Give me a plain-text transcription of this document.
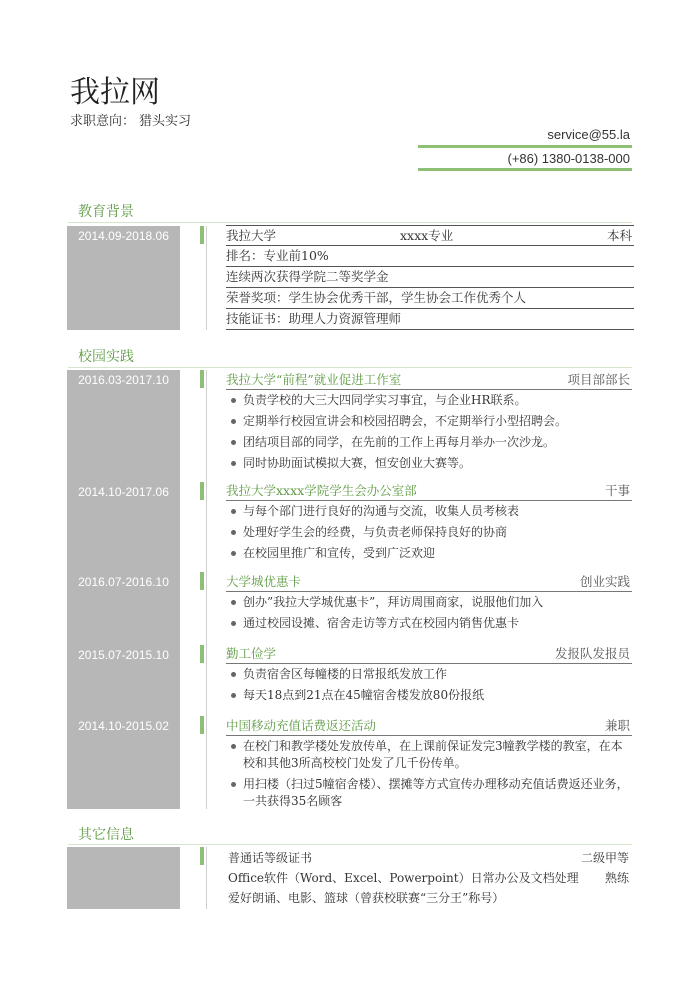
我拉网
求职意向： 猎头实习
service@55.la
(+86) 1380-0138-000
教育背景
2014.09-2018.06	我拉大学	xxxx专业	本科
排名：专业前10%
连续两次获得学院二等奖学金
荣誉奖项：学生协会优秀干部，学生协会工作优秀个人
技能证书：助理人力资源管理师
校园实践
2016.03-2017.10	我拉大学“前程”就业促进工作室	项目部部长
负责学校的大三大四同学实习事宜，与企业HR联系。
定期举行校园宣讲会和校园招聘会，不定期举行小型招聘会。
团结项目部的同学，在先前的工作上再每月举办一次沙龙。
同时协助面试模拟大赛，恒安创业大赛等。
2014.10-2017.06	我拉大学xxxx学院学生会办公室部	干事
与每个部门进行良好的沟通与交流，收集人员考核表
处理好学生会的经费，与负责老师保持良好的协商
在校园里推广和宣传，受到广泛欢迎
2016.07-2016.10	大学城优惠卡	创业实践
创办”我拉大学城优惠卡”，拜访周围商家，说服他们加入
通过校园设摊、宿舍走访等方式在校园内销售优惠卡
2015.07-2015.10	勤工俭学	发报队发报员
负责宿舍区每幢楼的日常报纸发放工作
每天18点到21点在45幢宿舍楼发放80份报纸
2014.10-2015.02	中国移动充值话费返还活动	兼职
在校门和教学楼处发放传单，在上课前保证发完3幢教学楼的教室，在本校和其他3所高校校门处发了几千份传单。
用扫楼（扫过5幢宿舍楼）、摆摊等方式宣传办理移动充值话费返还业务，一共获得35名顾客
其它信息
普通话等级证书	二级甲等
Office软件（Word、Excel、Powerpoint）日常办公及文档处理 熟练
爱好朗诵、电影、篮球（曾获校联赛“三分王”称号）
